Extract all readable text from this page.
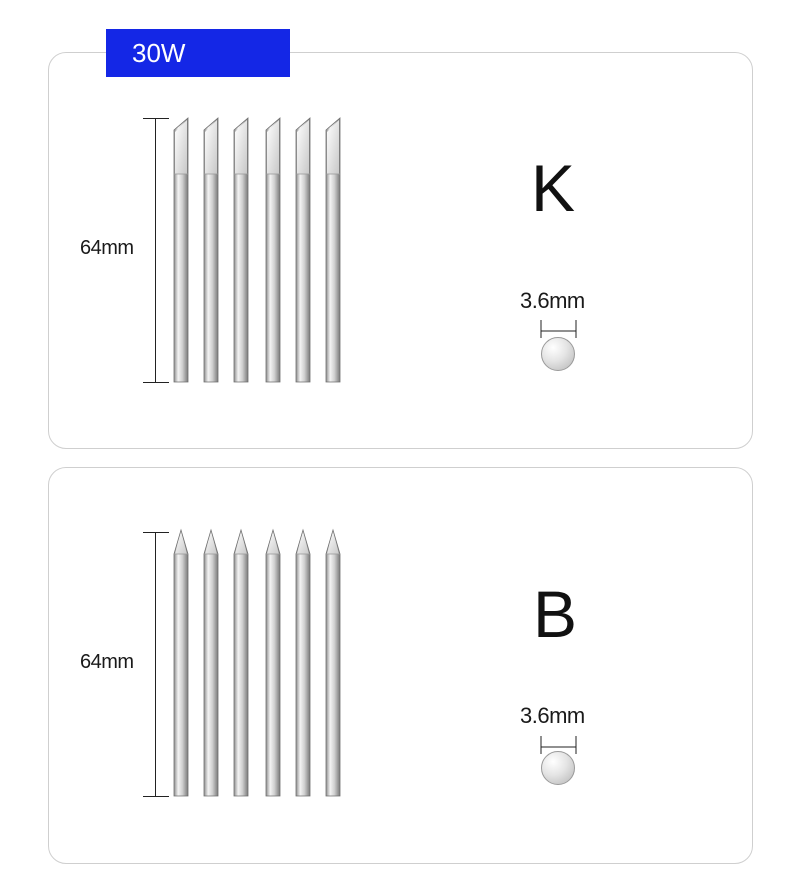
30W
64mm
K
3.6mm
64mm
B
3.6mm
